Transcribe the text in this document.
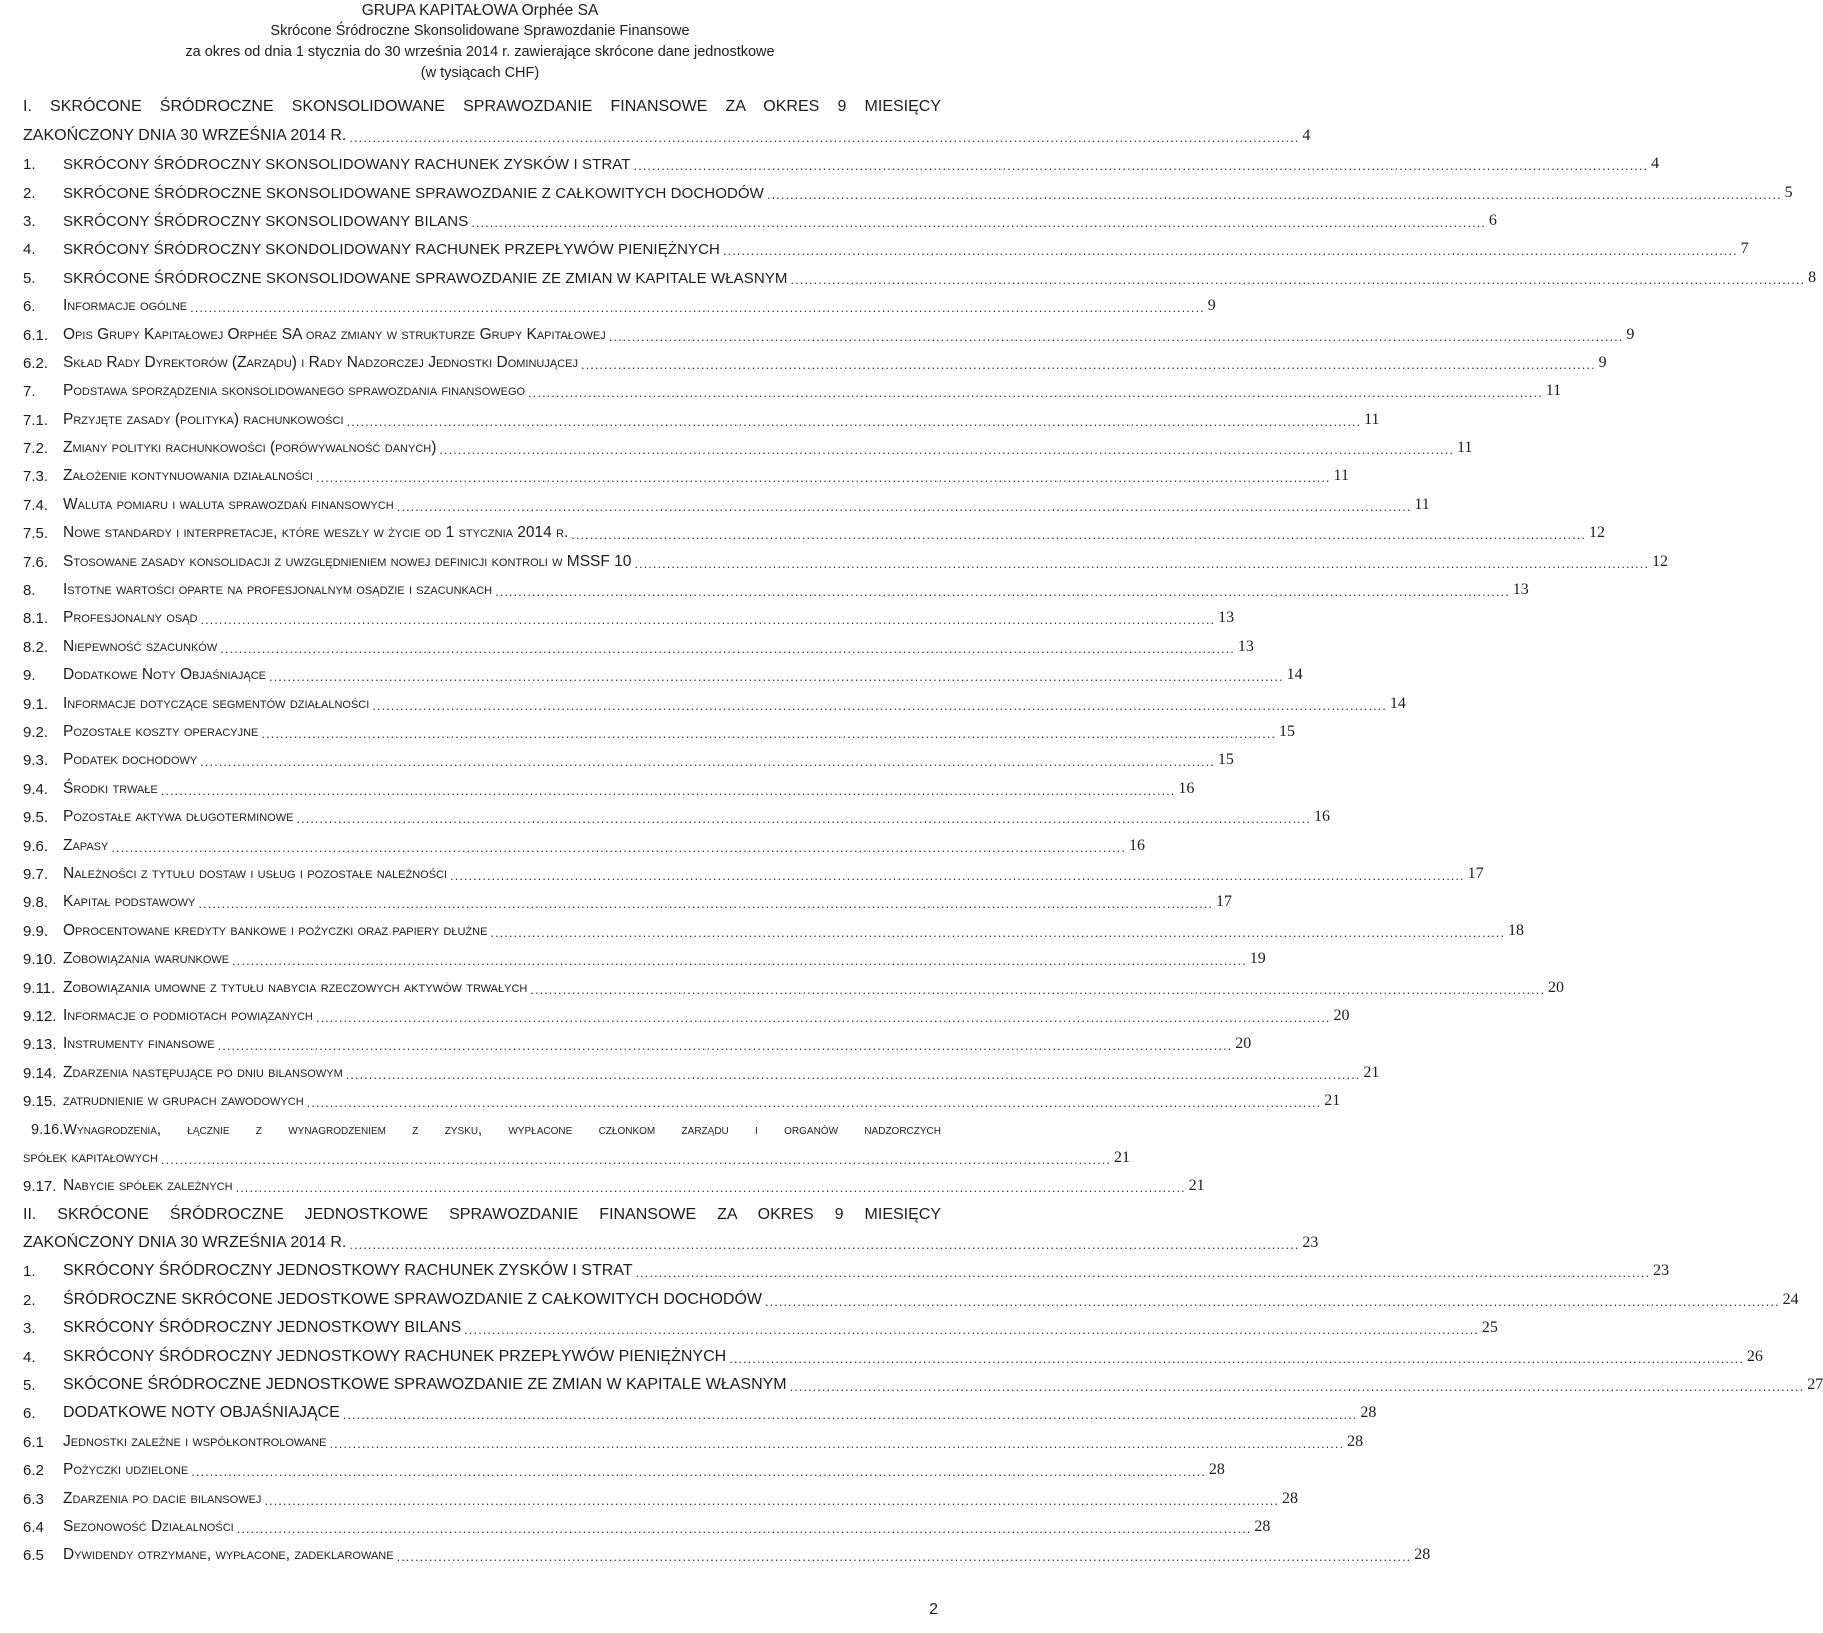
GRUPA KAPITAŁOWA Orphée SA
Skrócone Śródroczne Skonsolidowane Sprawozdanie Finansowe
za okres od dnia 1 stycznia do 30 września 2014 r. zawierające skrócone dane jednostkowe
(w tysiącach CHF)
I. SKRÓCONE ŚRÓDROCZNE SKONSOLIDOWANE SPRAWOZDANIE FINANSOWE ZA OKRES 9 MIESIĘCY
ZAKOŃCZONY DNIA 30 WRZEŚNIA 2014 R. .............................................................................................................................................................................................................. 4
1.	SKRÓCONY ŚRÓDROCZNY SKONSOLIDOWANY RACHUNEK ZYSKÓW I STRAT ............................................................................................................................................................................................................................ 4
2.	SKRÓCONE ŚRÓDROCZNE SKONSOLIDOWANE SPRAWOZDANIE Z CAŁKOWITYCH DOCHODÓW ............................................................................................................................................................................................................................ 5
3.	SKRÓCONY ŚRÓDROCZNY SKONSOLIDOWANY BILANS ............................................................................................................................................................................................................................ 6
4.	SKRÓCONY ŚRÓDROCZNY SKONDOLIDOWANY RACHUNEK PRZEPŁYWÓW PIENIĘŻNYCH ............................................................................................................................................................................................................................ 7
5.	SKRÓCONE ŚRÓDROCZNE SKONSOLIDOWANE SPRAWOZDANIE ZE ZMIAN W KAPITALE WŁASNYM ............................................................................................................................................................................................................................ 8
6.	Informacje ogólne ............................................................................................................................................................................................................................ 9
6.1. Opis Grupy Kapitałowej Orphée SA oraz zmiany w strukturze Grupy Kapitałowej ............................................................................................................................................................................................................................ 9
6.2. Skład Rady Dyrektorów (Zarządu) i Rady Nadzorczej Jednostki Dominującej ............................................................................................................................................................................................................................ 9
7.	Podstawa sporządzenia skonsolidowanego sprawozdania finansowego ............................................................................................................................................................................................................................ 11
7.1. Przyjęte zasady (polityka) rachunkowości ............................................................................................................................................................................................................................ 11
7.2. Zmiany polityki rachunkowości (porówywalność danych) ............................................................................................................................................................................................................................ 11
7.3. Założenie kontynuowania działalności ............................................................................................................................................................................................................................ 11
7.4. Waluta pomiaru i waluta sprawozdań finansowych ............................................................................................................................................................................................................................ 11
7.5. Nowe standardy i interpretacje, które weszły w życie od 1 stycznia 2014 r. ............................................................................................................................................................................................................................ 12
7.6. Stosowane zasady konsolidacji z uwzględnieniem nowej definicji kontroli w MSSF 10 ............................................................................................................................................................................................................................ 12
8.	Istotne wartości oparte na profesjonalnym osądzie i szacunkach ............................................................................................................................................................................................................................ 13
8.1. Profesjonalny osąd ............................................................................................................................................................................................................................ 13
8.2. Niepewność szacunków ............................................................................................................................................................................................................................ 13
9.	Dodatkowe Noty Objaśniające ............................................................................................................................................................................................................................ 14
9.1. Informacje dotyczące segmentów działalności ............................................................................................................................................................................................................................ 14
9.2. Pozostałe koszty operacyjne ............................................................................................................................................................................................................................ 15
9.3. Podatek dochodowy ............................................................................................................................................................................................................................ 15
9.4. Środki trwałe ............................................................................................................................................................................................................................ 16
9.5. Pozostałe aktywa długoterminowe ............................................................................................................................................................................................................................ 16
9.6. Zapasy ............................................................................................................................................................................................................................ 16
9.7. Należności z tytułu dostaw i usług i pozostałe należności ............................................................................................................................................................................................................................ 17
9.8. Kapitał podstawowy ............................................................................................................................................................................................................................ 17
9.9. Oprocentowane kredyty bankowe i pożyczki oraz papiery dłużne ............................................................................................................................................................................................................................ 18
9.10. Zobowiązania warunkowe ............................................................................................................................................................................................................................ 19
9.11. Zobowiązania umowne z tytułu nabycia rzeczowych aktywów trwałych ............................................................................................................................................................................................................................ 20
9.12. Informacje o podmiotach powiązanych ............................................................................................................................................................................................................................ 20
9.13. Instrumenty finansowe ............................................................................................................................................................................................................................ 20
9.14. Zdarzenia następujące po dniu bilansowym ............................................................................................................................................................................................................................ 21
9.15. zatrudnienie w grupach zawodowych ............................................................................................................................................................................................................................ 21
9.16.Wynagrodzenia, łącznie z wynagrodzeniem z zysku, wypłacone członkom zarządu i organów nadzorczych
spółek kapitałowych .............................................................................................................................................................................................................. 21
9.17. Nabycie spółek zależnych .............................................................................................................................................................................................................. 21
II. SKRÓCONE ŚRÓDROCZNE JEDNOSTKOWE SPRAWOZDANIE FINANSOWE ZA OKRES 9 MIESIĘCY
ZAKOŃCZONY DNIA 30 WRZEŚNIA 2014 R. .............................................................................................................................................................................................................. 23
1.	SKRÓCONY ŚRÓDROCZNY JEDNOSTKOWY RACHUNEK ZYSKÓW I STRAT ............................................................................................................................................................................................................................ 23
2.	ŚRÓDROCZNE SKRÓCONE JEDOSTKOWE SPRAWOZDANIE Z CAŁKOWITYCH DOCHODÓW ............................................................................................................................................................................................................................ 24
3.	SKRÓCONY ŚRÓDROCZNY JEDNOSTKOWY BILANS ............................................................................................................................................................................................................................ 25
4.	SKRÓCONY ŚRÓDROCZNY JEDNOSTKOWY RACHUNEK PRZEPŁYWÓW PIENIĘŻNYCH ............................................................................................................................................................................................................................ 26
5.	SKÓCONE ŚRÓDROCZNE JEDNOSTKOWE SPRAWOZDANIE ZE ZMIAN W KAPITALE WŁASNYM ............................................................................................................................................................................................................................ 27
6.	DODATKOWE NOTY OBJAŚNIAJĄCE ............................................................................................................................................................................................................................ 28
6.1	Jednostki zależne i współkontrolowane ............................................................................................................................................................................................................................ 28
6.2	Pożyczki udzielone ............................................................................................................................................................................................................................ 28
6.3	Zdarzenia po dacie bilansowej ............................................................................................................................................................................................................................ 28
6.4	Sezonowość Działalności ............................................................................................................................................................................................................................ 28
6.5	Dywidendy otrzymane, wypłacone, zadeklarowane ............................................................................................................................................................................................................................ 28
2
